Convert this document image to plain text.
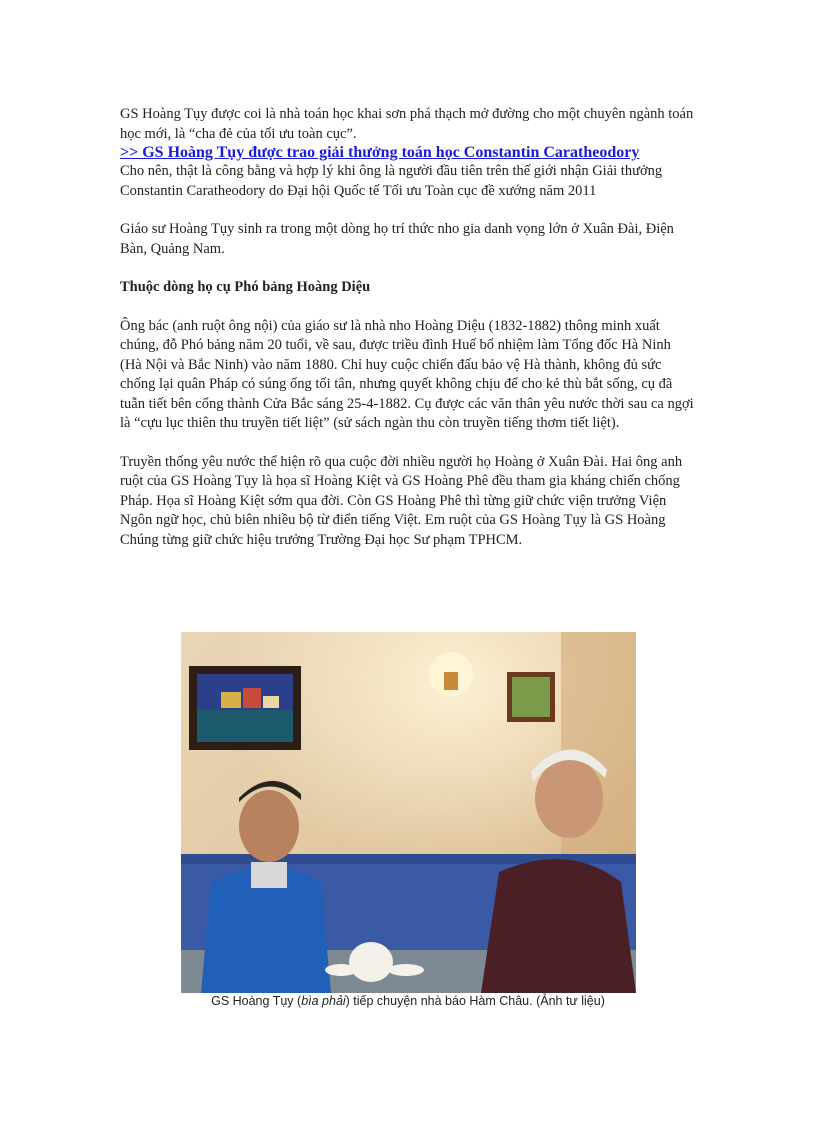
GS Hoàng Tụy được coi là nhà toán học khai sơn phá thạch mở đường cho một chuyên ngành toán học mới, là “cha đẻ của tối ưu toàn cục”.

>> GS Hoàng Tụy được trao giải thưởng toán học Constantin Caratheodory

Cho nên, thật là công bằng và hợp lý khi ông là người đầu tiên trên thế giới nhận Giải thưởng Constantin Caratheodory do Đại hội Quốc tế Tối ưu Toàn cục đề xướng năm 2011

Giáo sư Hoàng Tụy sinh ra trong một dòng họ trí thức nho gia danh vọng lớn ở Xuân Đài, Điện Bàn, Quảng Nam.

Thuộc dòng họ cụ Phó bảng Hoàng Diệu

Ông bác (anh ruột ông nội) của giáo sư là nhà nho Hoàng Diệu (1832-1882) thông minh xuất chúng, đỗ Phó bảng năm 20 tuổi, về sau, được triều đình Huế bổ nhiệm làm Tổng đốc Hà Ninh (Hà Nội và Bắc Ninh) vào năm 1880. Chỉ huy cuộc chiến đấu bảo vệ Hà thành, không đủ sức chống lại quân Pháp có súng ống tối tân, nhưng quyết không chịu để cho kẻ thù bắt sống, cụ đã tuẫn tiết bên cổng thành Cửa Bắc sáng 25-4-1882. Cụ được các văn thân yêu nước thời sau ca ngợi là “cựu lục thiên thu truyền tiết liệt” (sử sách ngàn thu còn truyền tiếng thơm tiết liệt).

Truyền thống yêu nước thể hiện rõ qua cuộc đời nhiều người họ Hoàng ở Xuân Đài. Hai ông anh ruột của GS Hoàng Tụy là họa sĩ Hoàng Kiệt và GS Hoàng Phê đều tham gia kháng chiến chống Pháp. Họa sĩ Hoàng Kiệt sớm qua đời. Còn GS Hoàng Phê thì từng giữ chức viện trưởng Viện Ngôn ngữ học, chủ biên nhiều bộ từ điển tiếng Việt. Em ruột của GS Hoàng Tụy là GS Hoàng Chúng từng giữ chức hiệu trưởng Trường Đại học Sư phạm TPHCM.

GS Hoàng Tụy (bìa phải) tiếp chuyện nhà báo Hàm Châu. (Ảnh tư liệu)
